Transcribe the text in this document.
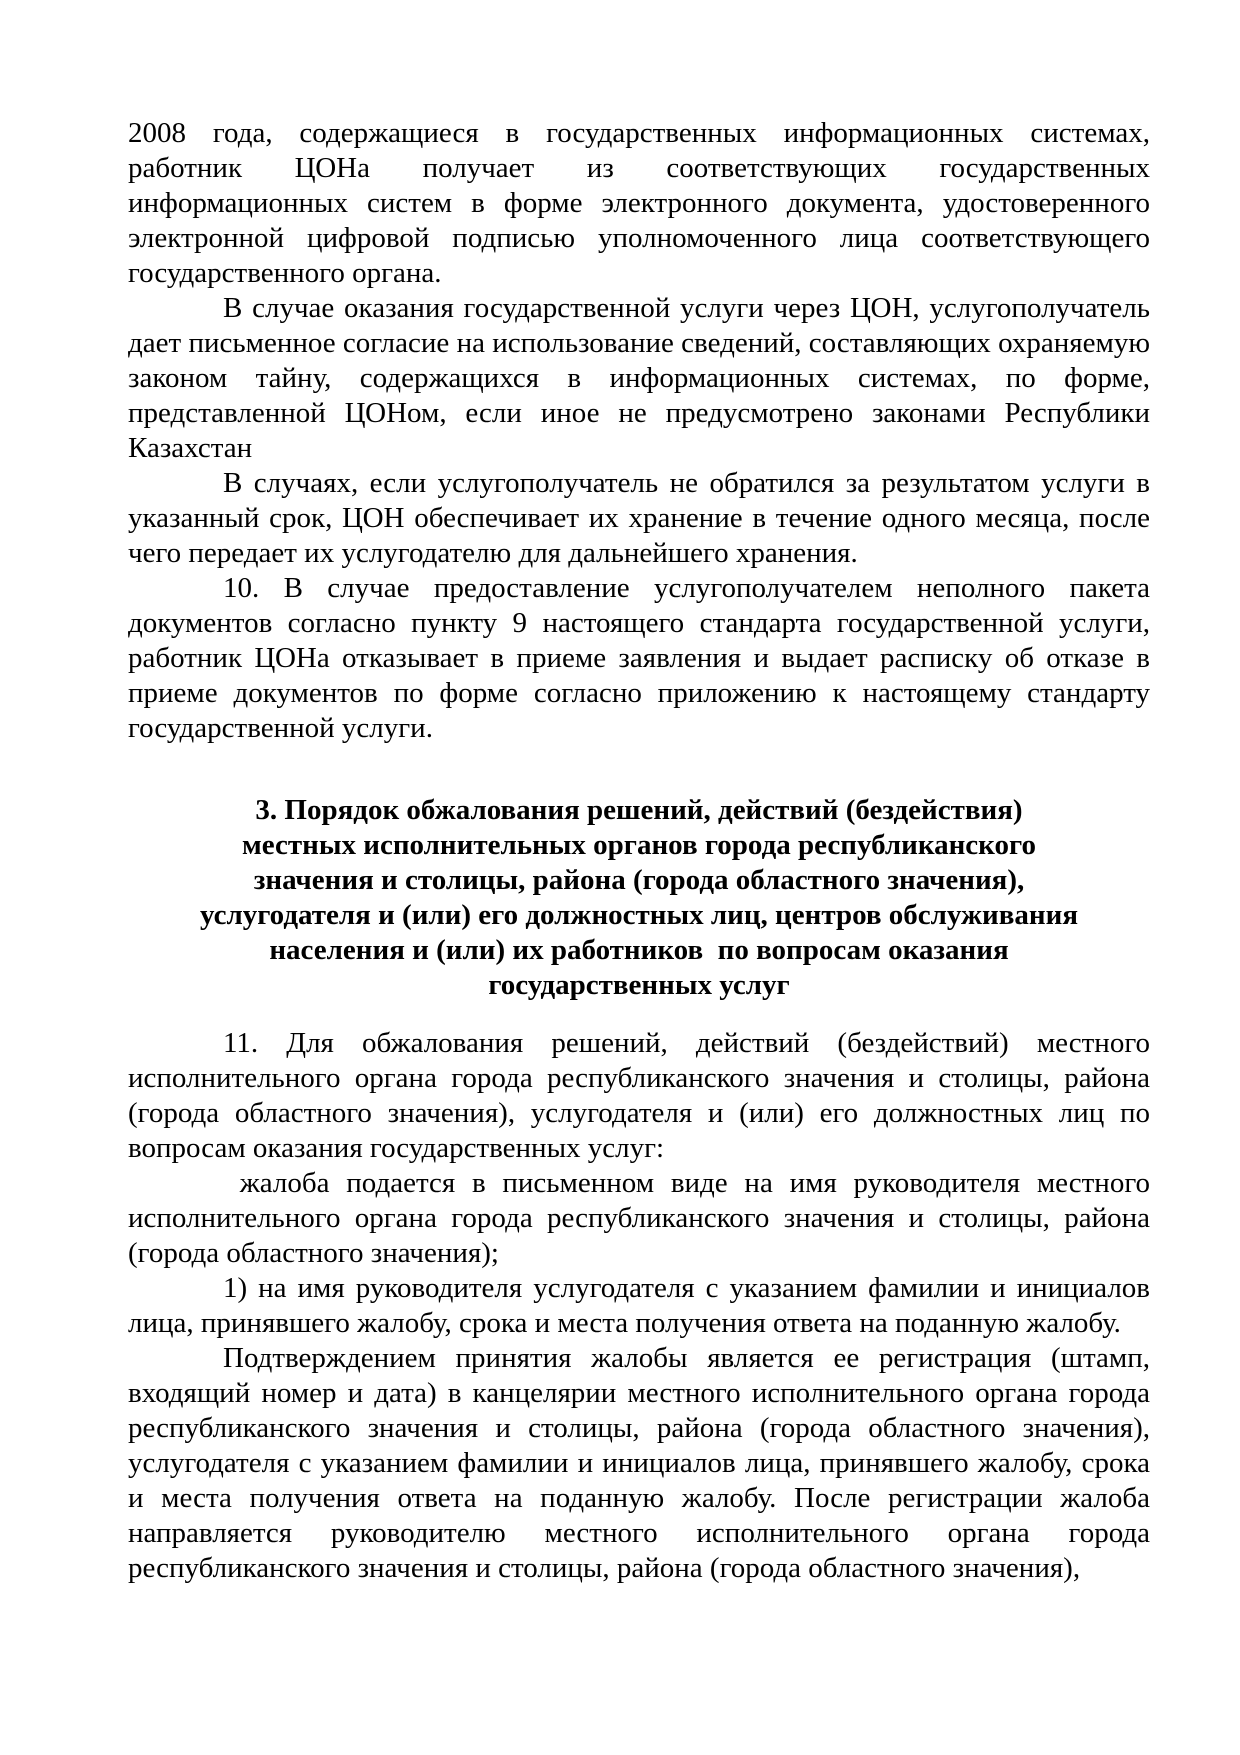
2008 года, содержащиеся в государственных информационных системах, работник ЦОНа получает из соответствующих государственных информационных систем в форме электронного документа, удостоверенного электронной цифровой подписью уполномоченного лица соответствующего государственного органа.

В случае оказания государственной услуги через ЦОН, услугополучатель дает письменное согласие на использование сведений, составляющих охраняемую законом тайну, содержащихся в информационных системах, по форме, представленной ЦОНом, если иное не предусмотрено законами Республики Казахстан

В случаях, если услугополучатель не обратился за результатом услуги в указанный срок, ЦОН обеспечивает их хранение в течение одного месяца, после чего передает их услугодателю для дальнейшего хранения.

10. В случае предоставление услугополучателем неполного пакета документов согласно пункту 9 настоящего стандарта государственной услуги, работник ЦОНа отказывает в приеме заявления и выдает расписку об отказе в приеме документов по форме согласно приложению к настоящему стандарту государственной услуги.

3. Порядок обжалования решений, действий (бездействия)
местных исполнительных органов города республиканского
значения и столицы, района (города областного значения),
услугодателя и (или) его должностных лиц, центров обслуживания
населения и (или) их работников  по вопросам оказания
государственных услуг

11. Для обжалования решений, действий (бездействий) местного исполнительного органа города республиканского значения и столицы, района (города областного значения), услугодателя и (или) его должностных лиц по вопросам оказания государственных услуг:

жалоба подается в письменном виде на имя руководителя местного исполнительного органа города республиканского значения и столицы, района (города областного значения);

1) на имя руководителя услугодателя с указанием фамилии и инициалов лица, принявшего жалобу, срока и места получения ответа на поданную жалобу.

Подтверждением принятия жалобы является ее регистрация (штамп, входящий номер и дата) в канцелярии местного исполнительного органа города республиканского значения и столицы, района (города областного значения), услугодателя с указанием фамилии и инициалов лица, принявшего жалобу, срока и места получения ответа на поданную жалобу. После регистрации жалоба направляется руководителю местного исполнительного органа города республиканского значения и столицы, района (города областного значения),
